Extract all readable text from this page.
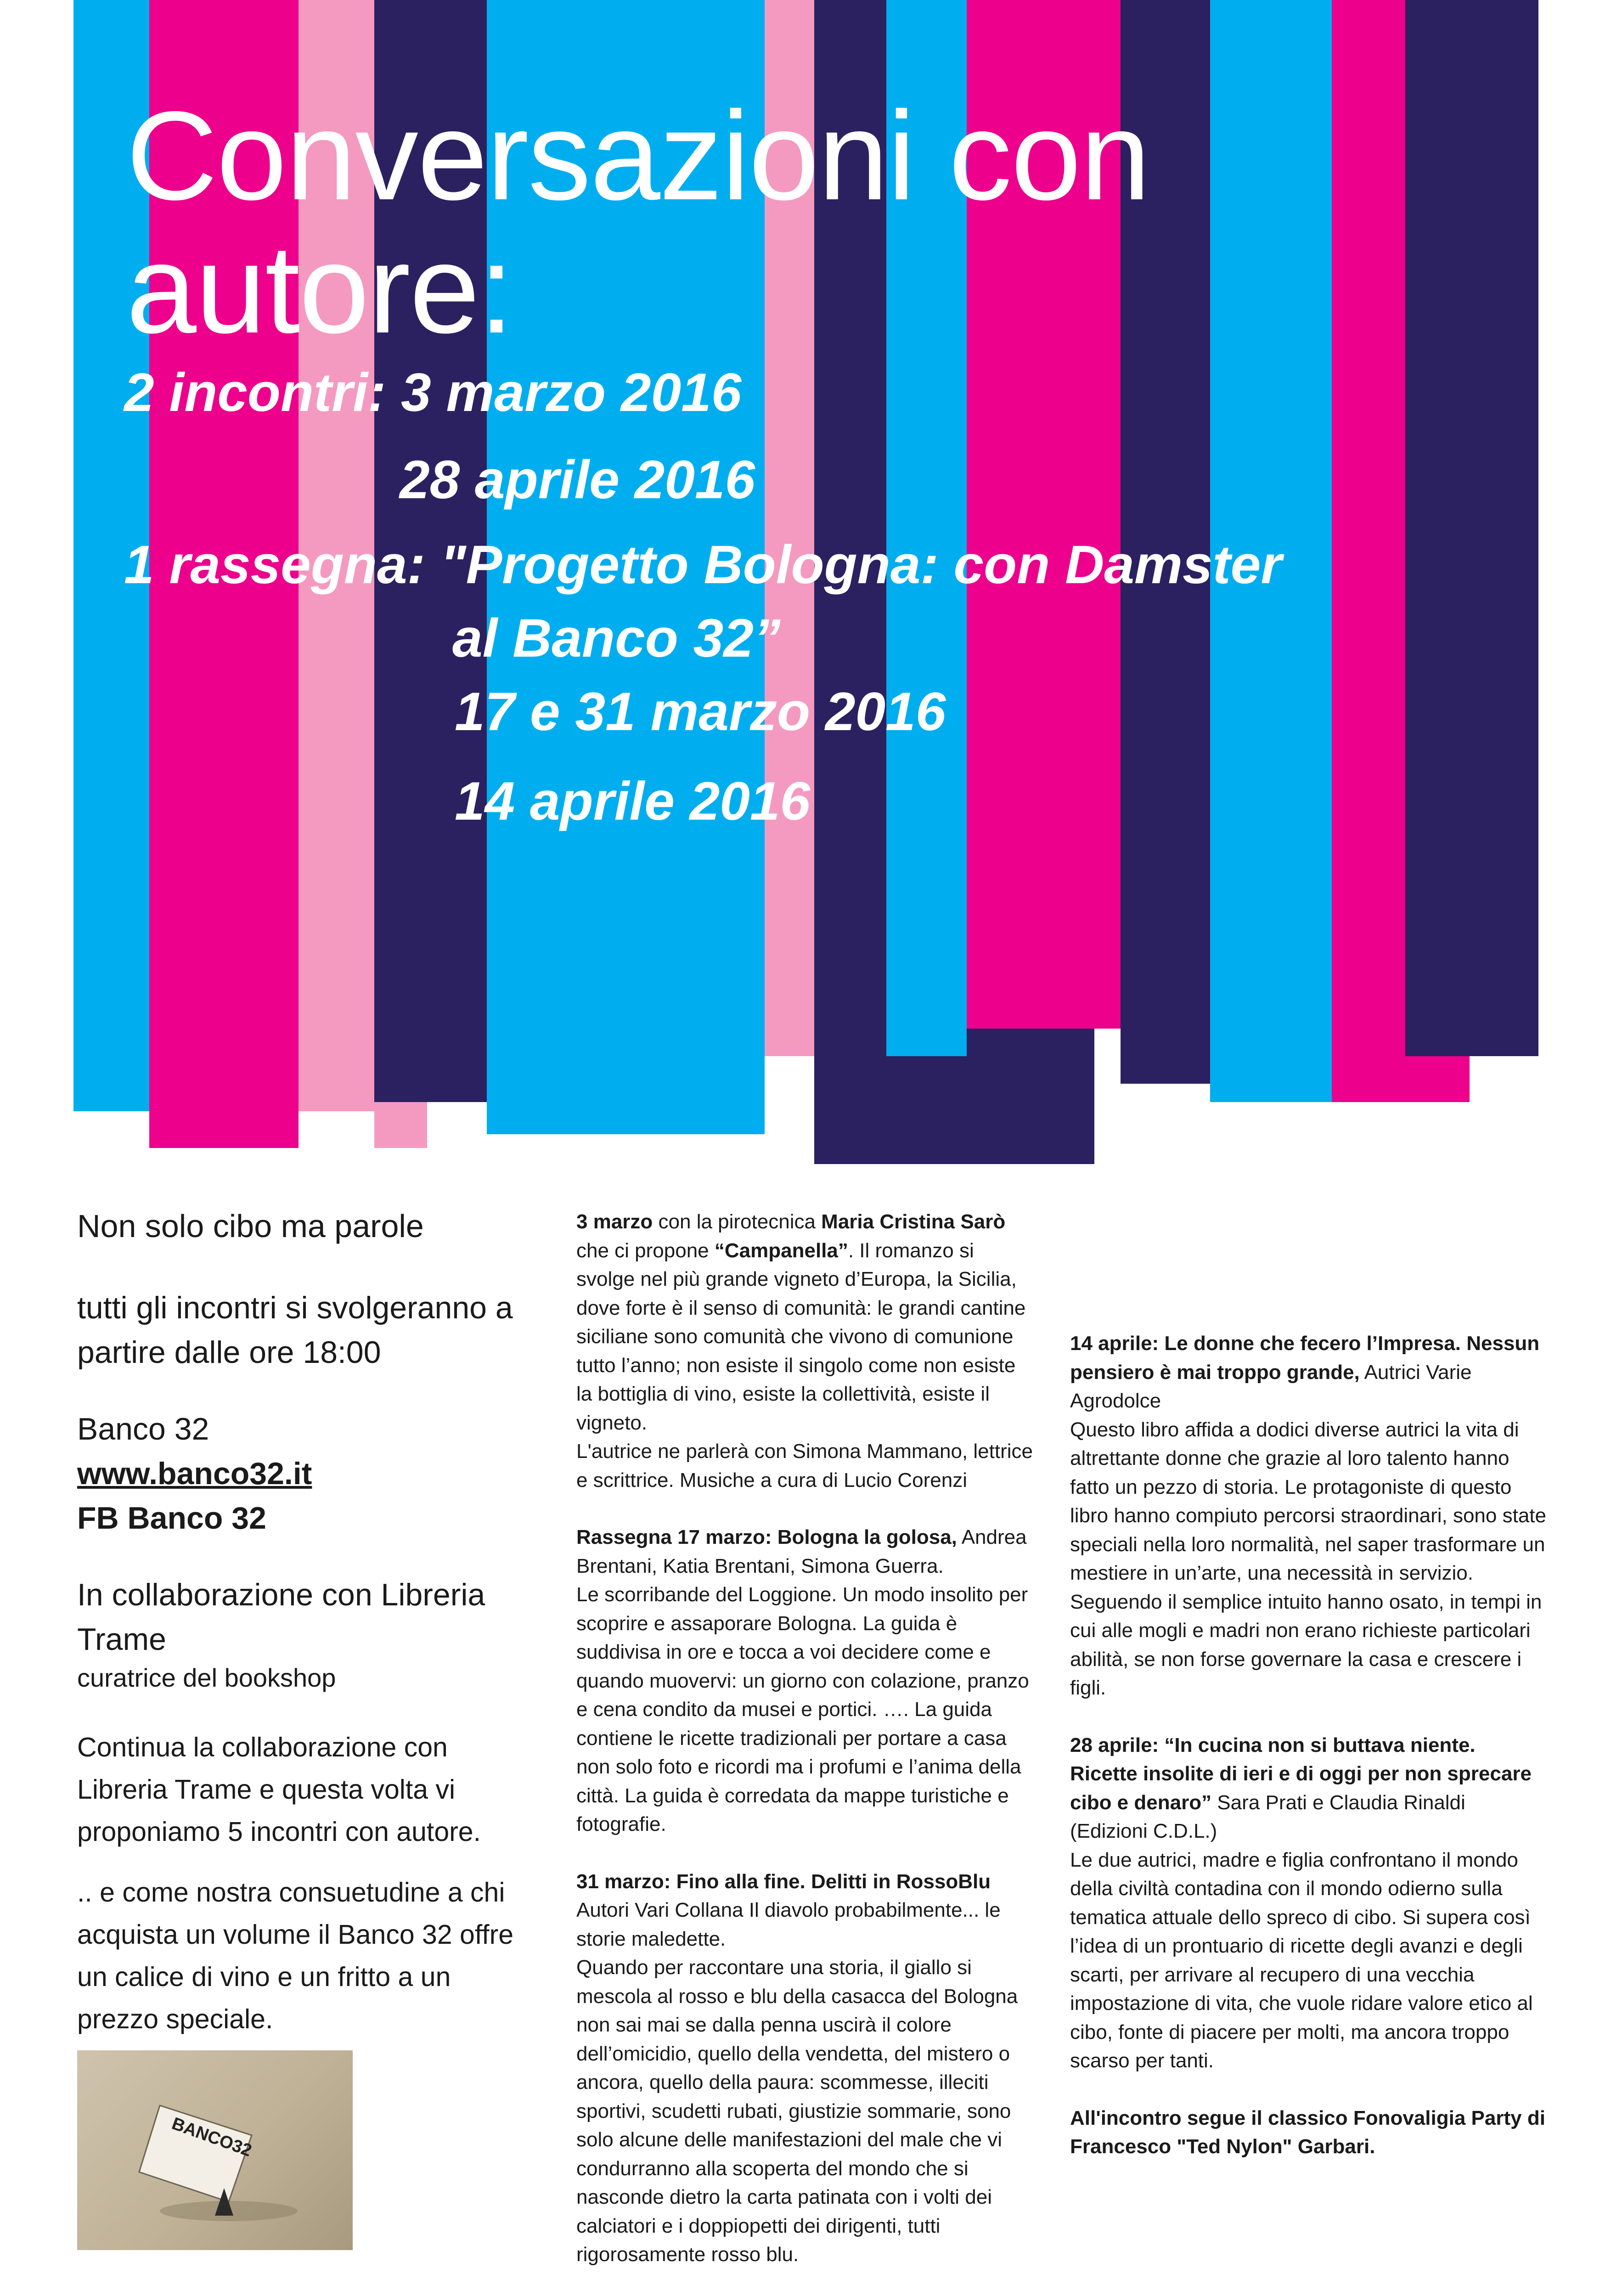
Conversazioni con autore:
2 incontri: 3 marzo 2016
28 aprile 2016
1 rassegna: "Progetto Bologna: con Damster
al Banco 32”
17 e 31 marzo 2016
14 aprile 2016

Non solo cibo ma parole

tutti gli incontri si svolgeranno a partire dalle ore 18:00

Banco 32

www.banco32.it

FB Banco 32

In collaborazione con Libreria Trame

curatrice del bookshop

Continua la collaborazione con Libreria Trame e questa volta vi proponiamo 5 incontri con autore.

.. e come nostra consuetudine a chi acquista un volume il Banco 32 offre un calice di vino e un fritto a un prezzo speciale.

BANCO32

3 marzo con la pirotecnica Maria Cristina Sarò che ci propone “Campanella”. Il romanzo si svolge nel più grande vigneto d’Europa, la Sicilia, dove forte è il senso di comunità: le grandi cantine siciliane sono comunità che vivono di comunione tutto l’anno; non esiste il singolo come non esiste la bottiglia di vino, esiste la collettività, esiste il vigneto.
L'autrice ne parlerà con Simona Mammano, lettrice e scrittrice. Musiche a cura di Lucio Corenzi

Rassegna 17 marzo: Bologna la golosa, Andrea Brentani, Katia Brentani, Simona Guerra.
Le scorribande del Loggione. Un modo insolito per scoprire e assaporare Bologna. La guida è suddivisa in ore e tocca a voi decidere come e quando muovervi: un giorno con colazione, pranzo e cena condito da musei e portici. …. La guida contiene le ricette tradizionali per portare a casa non solo foto e ricordi ma i profumi e l’anima della città. La guida è corredata da mappe turistiche e fotografie.

31 marzo: Fino alla fine. Delitti in RossoBlu
Autori Vari Collana Il diavolo probabilmente... le storie maledette.
Quando per raccontare una storia, il giallo si mescola al rosso e blu della casacca del Bologna non sai mai se dalla penna uscirà il colore dell’omicidio, quello della vendetta, del mistero o ancora, quello della paura: scommesse, illeciti sportivi, scudetti rubati, giustizie sommarie, sono solo alcune delle manifestazioni del male che vi condurranno alla scoperta del mondo che si nasconde dietro la carta patinata con i volti dei calciatori e i doppiopetti dei dirigenti, tutti rigorosamente rosso blu.

14 aprile: Le donne che fecero l’Impresa. Nessun pensiero è mai troppo grande, Autrici Varie Agrodolce
Questo libro affida a dodici diverse autrici la vita di altrettante donne che grazie al loro talento hanno fatto un pezzo di storia. Le protagoniste di questo libro hanno compiuto percorsi straordinari, sono state speciali nella loro normalità, nel saper trasformare un mestiere in un’arte, una necessità in servizio. Seguendo il semplice intuito hanno osato, in tempi in cui alle mogli e madri non erano richieste particolari abilità, se non forse governare la casa e crescere i figli.

28 aprile: “In cucina non si buttava niente. Ricette insolite di ieri e di oggi per non sprecare cibo e denaro” Sara Prati e Claudia Rinaldi (Edizioni C.D.L.)
Le due autrici, madre e figlia confrontano il mondo della civiltà contadina con il mondo odierno sulla tematica attuale dello spreco di cibo. Si supera così l’idea di un prontuario di ricette degli avanzi e degli scarti, per arrivare al recupero di una vecchia impostazione di vita, che vuole ridare valore etico al cibo, fonte di piacere per molti, ma ancora troppo scarso per tanti.

All'incontro segue il classico Fonovaligia Party di Francesco "Ted Nylon" Garbari.
